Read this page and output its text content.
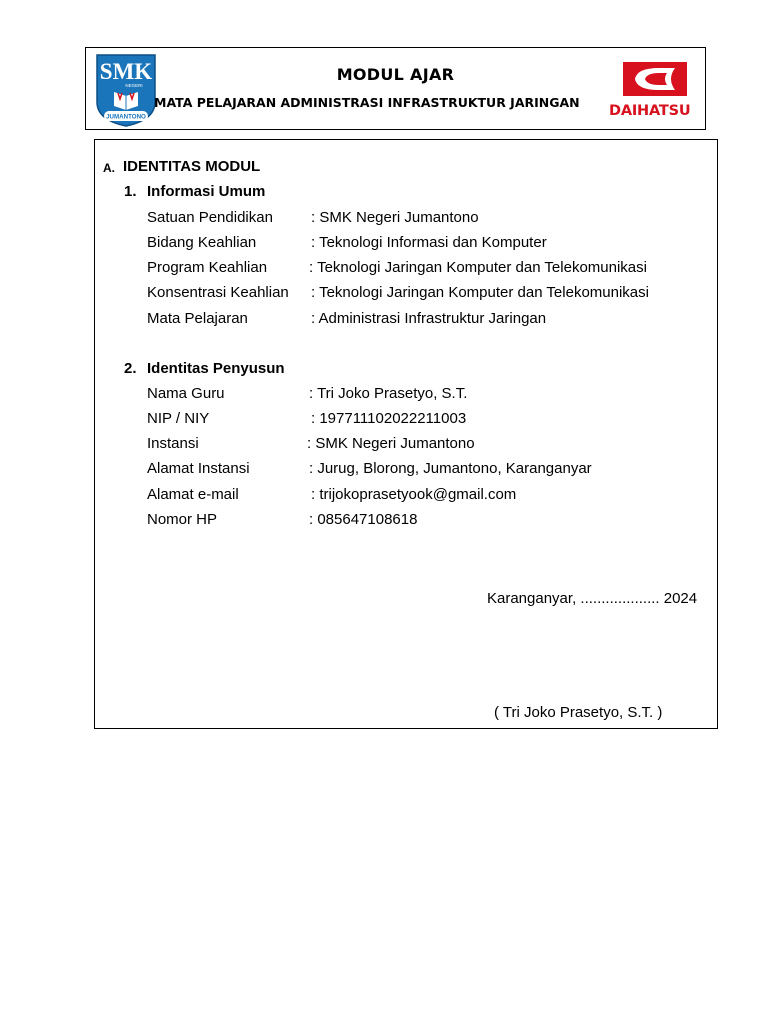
SMK
NEGERI
JUMANTONO
MODUL AJAR
MATA PELAJARAN ADMINISTRASI INFRASTRUKTUR JARINGAN
DAIHATSU
A. IDENTITAS MODUL
1. Informasi Umum
Satuan Pendidikan	: SMK Negeri Jumantono
Bidang Keahlian	: Teknologi Informasi dan Komputer
Program Keahlian	: Teknologi Jaringan Komputer dan Telekomunikasi
Konsentrasi Keahlian : Teknologi Jaringan Komputer dan Telekomunikasi
Mata Pelajaran	: Administrasi Infrastruktur Jaringan
2. Identitas Penyusun
Nama Guru	: Tri Joko Prasetyo, S.T.
NIP / NIY	: 197711102022211003
Instansi	: SMK Negeri Jumantono
Alamat Instansi	: Jurug, Blorong, Jumantono, Karanganyar
Alamat e-mail	: trijokoprasetyook@gmail.com
Nomor HP	: 085647108618
Karanganyar, ................... 2024
( Tri Joko Prasetyo, S.T. )
